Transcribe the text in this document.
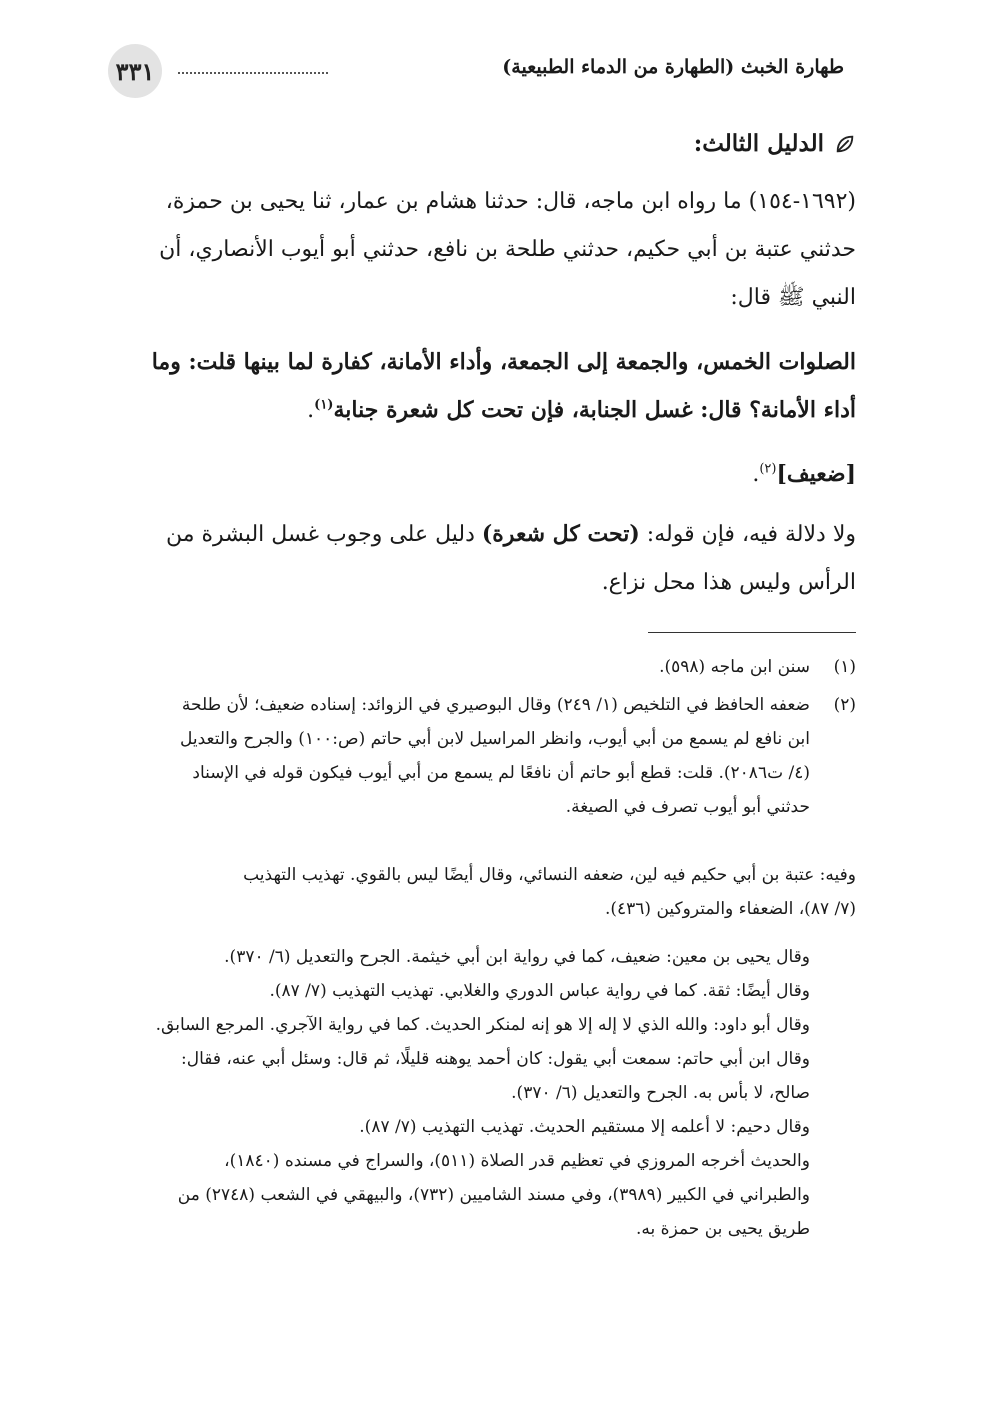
٣٣١	طهارة الخبث (الطهارة من الدماء الطبيعية)
الدليل الثالث:
(١٦٩٢-١٥٤) ما رواه ابن ماجه، قال: حدثنا هشام بن عمار، ثنا يحيى بن حمزة،
حدثني عتبة بن أبي حكيم، حدثني طلحة بن نافع، حدثني أبو أيوب الأنصاري، أن
النبي ﷺ قال:
الصلوات الخمس، والجمعة إلى الجمعة، وأداء الأمانة، كفارة لما بينها قلت: وما
أداء الأمانة؟ قال: غسل الجنابة، فإن تحت كل شعرة جنابة$^{(١)}$.
[ضعيف]$^{(٢)}$.
ولا دلالة فيه، فإن قوله: (تحت كل شعرة) دليل على وجوب غسل البشرة من
الرأس وليس هذا محل نزاع.
(١)
سنن ابن ماجه (٥٩٨).
(٢)
ضعفه الحافظ في التلخيص (١/ ٢٤٩) وقال البوصيري في الزوائد: إسناده ضعيف؛ لأن طلحة
ابن نافع لم يسمع من أبي أيوب، وانظر المراسيل لابن أبي حاتم (ص:١٠٠) والجرح والتعديل
(٤/ ت٢٠٨٦). قلت: قطع أبو حاتم أن نافعًا لم يسمع من أبي أيوب فيكون قوله في الإسناد
حدثني أبو أيوب تصرف في الصيغة.
وفيه: عتبة بن أبي حكيم فيه لين، ضعفه النسائي، وقال أيضًا ليس بالقوي. تهذيب التهذيب
(٧/ ٨٧)، الضعفاء والمتروكين (٤٣٦).
وقال يحيى بن معين: ضعيف، كما في رواية ابن أبي خيثمة. الجرح والتعديل (٦/ ٣٧٠).
وقال أيضًا: ثقة. كما في رواية عباس الدوري والغلابي. تهذيب التهذيب (٧/ ٨٧).
وقال أبو داود: والله الذي لا إله إلا هو إنه لمنكر الحديث. كما في رواية الآجري. المرجع السابق.
وقال ابن أبي حاتم: سمعت أبي يقول: كان أحمد يوهنه قليلًا، ثم قال: وسئل أبي عنه، فقال:
صالح، لا بأس به. الجرح والتعديل (٦/ ٣٧٠).
وقال دحيم: لا أعلمه إلا مستقيم الحديث. تهذيب التهذيب (٧/ ٨٧).
والحديث أخرجه المروزي في تعظيم قدر الصلاة (٥١١)، والسراج في مسنده (١٨٤٠)،
والطبراني في الكبير (٣٩٨٩)، وفي مسند الشاميين (٧٣٢)، والبيهقي في الشعب (٢٧٤٨) من
طريق يحيى بن حمزة به.
